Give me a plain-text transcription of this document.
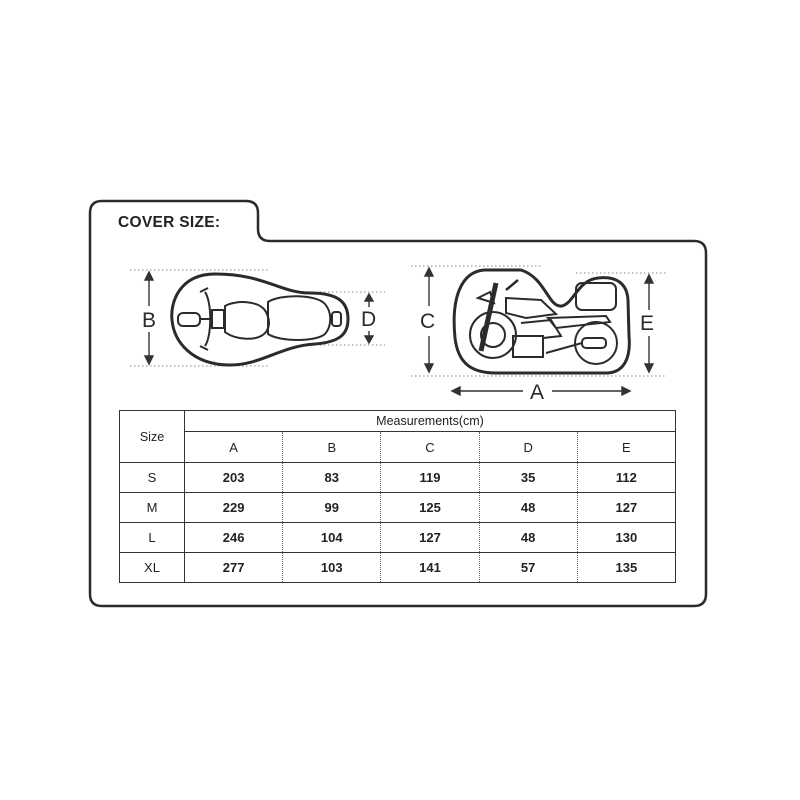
COVER SIZE:
B	D C	E
A
Size	Measurements(cm)				
	A	B	C	D	E
S	203	83	119	35	112
M	229	99	125	48	127
L	246	104	127	48	130
XL	277	103	141	57	135
